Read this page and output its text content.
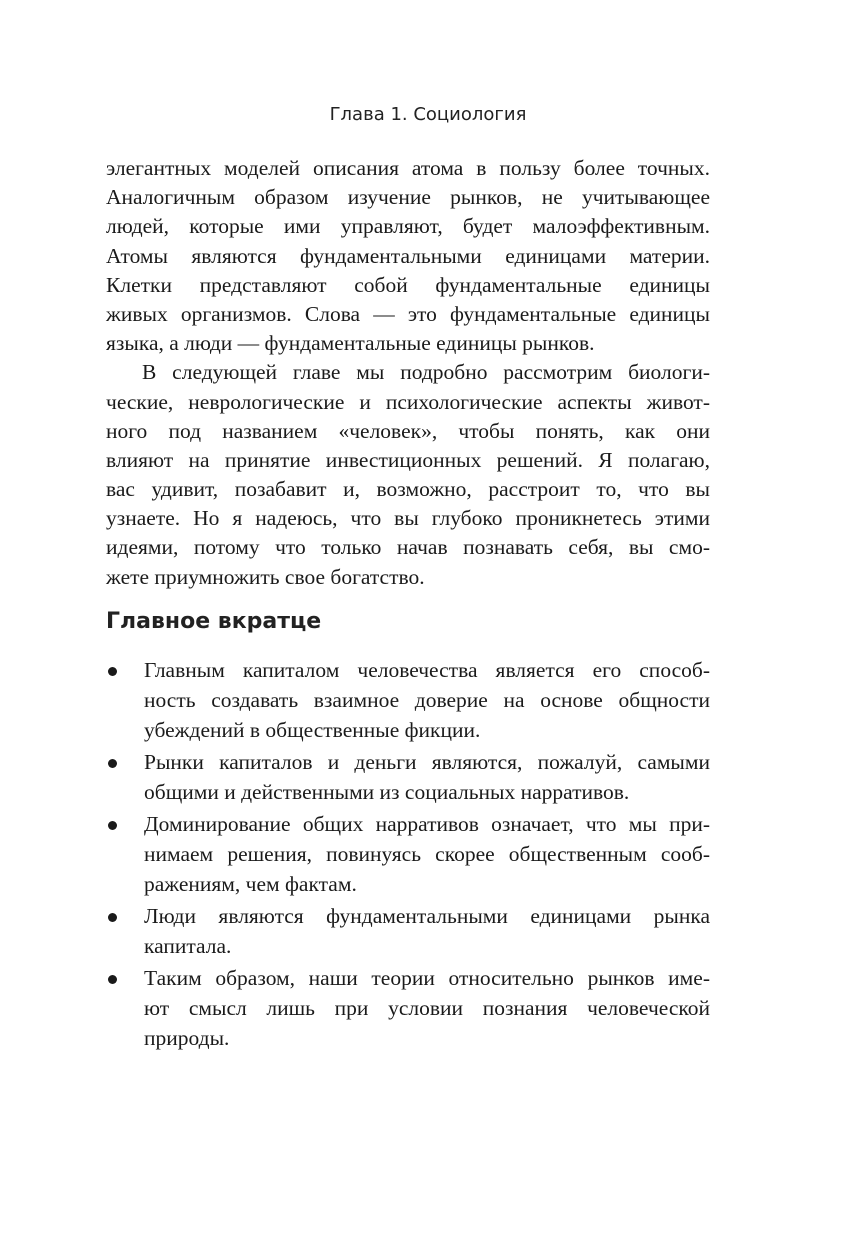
Глава 1. Социология
элегантных моделей описания атома в пользу более точных.
Аналогичным образом изучение рынков, не учитывающее
людей, которые ими управляют, будет малоэффективным.
Атомы являются фундаментальными единицами материи.
Клетки представляют собой фундаментальные единицы
живых организмов. Слова — это фундаментальные единицы
языка, а люди — фундаментальные единицы рынков.
В следующей главе мы подробно рассмотрим биологи-
ческие, неврологические и психологические аспекты живот-
ного под названием «человек», чтобы понять, как они
влияют на принятие инвестиционных решений. Я полагаю,
вас удивит, позабавит и, возможно, расстроит то, что вы
узнаете. Но я надеюсь, что вы глубоко проникнетесь этими
идеями, потому что только начав познавать себя, вы смо-
жете приумножить свое богатство.
Главное вкратце
Главным капиталом человечества является его способ-
ность создавать взаимное доверие на основе общности
убеждений в общественные фикции.
Рынки капиталов и деньги являются, пожалуй, самыми
общими и действенными из социальных нарративов.
Доминирование общих нарративов означает, что мы при-
нимаем решения, повинуясь скорее общественным сооб-
ражениям, чем фактам.
Люди являются фундаментальными единицами рынка
капитала.
Таким образом, наши теории относительно рынков име-
ют смысл лишь при условии познания человеческой
природы.
